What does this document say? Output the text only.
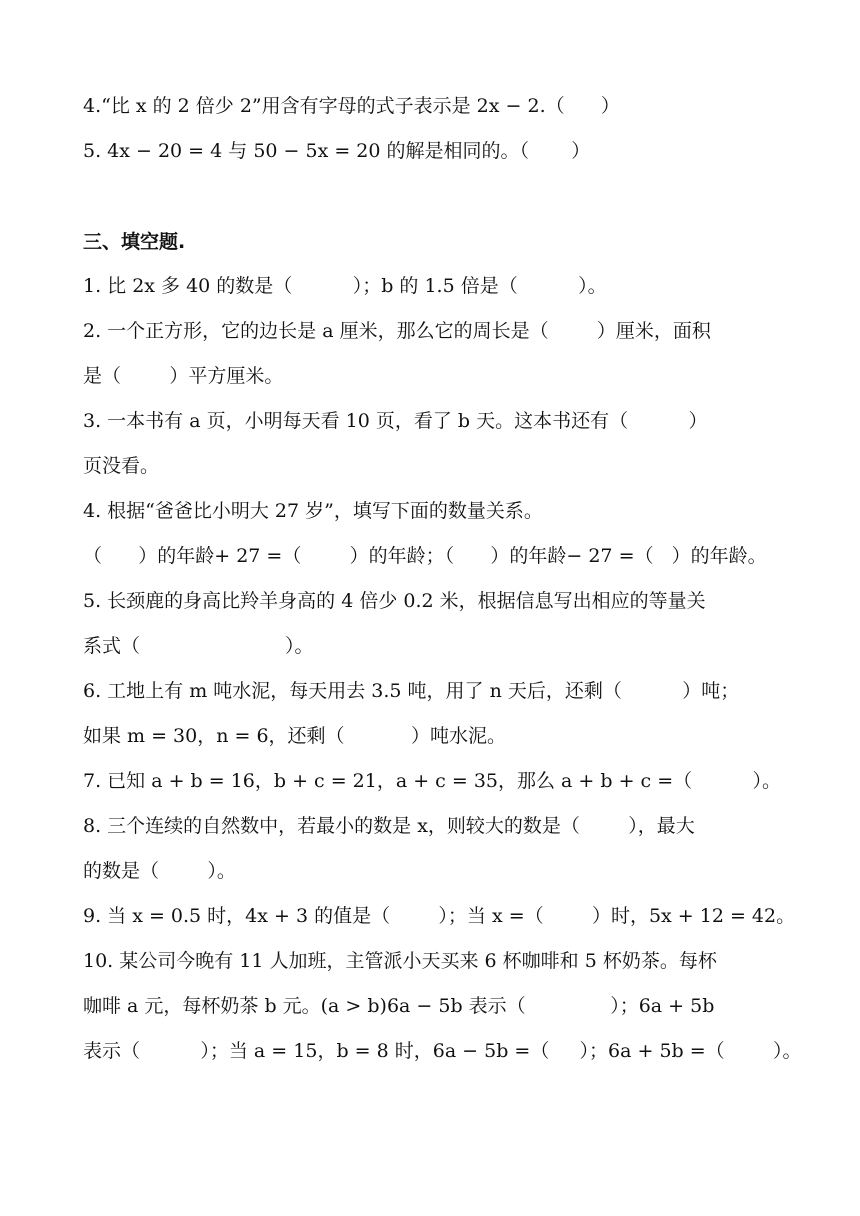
4.“比 x 的 2 倍少 2”用含有字母的式子表示是 2x − 2.（      ）
5. 4x − 20 = 4 与 50 − 5x = 20 的解是相同的。（       ）
三、填空题.
1. 比 2x 多 40 的数是（          ）；b 的 1.5 倍是（          ）。
2. 一个正方形，它的边长是 a 厘米，那么它的周长是（        ）厘米，面积
是（        ）平方厘米。
3. 一本书有 a 页，小明每天看 10 页，看了 b 天。这本书还有（          ）
页没看。
4. 根据“爸爸比小明大 27 岁”，填写下面的数量关系。
（      ）的年龄+ 27 =（        ）的年龄；（      ）的年龄− 27 =（   ）的年龄。
5. 长颈鹿的身高比羚羊身高的 4 倍少 0.2 米，根据信息写出相应的等量关
系式（                        ）。
6. 工地上有 m 吨水泥，每天用去 3.5 吨，用了 n 天后，还剩（          ）吨；
如果 m = 30，n = 6，还剩（           ）吨水泥。
7. 已知 a + b = 16，b + c = 21，a + c = 35，那么 a + b + c =（          ）。
8. 三个连续的自然数中，若最小的数是 x，则较大的数是（        ），最大
的数是（        ）。
9. 当 x = 0.5 时，4x + 3 的值是（        ）；当 x =（        ）时，5x + 12 = 42。
10. 某公司今晚有 11 人加班，主管派小天买来 6 杯咖啡和 5 杯奶茶。每杯
咖啡 a 元，每杯奶茶 b 元。(a > b)6a − 5b 表示（              ）；6a + 5b
表示（          ）；当 a = 15，b = 8 时，6a − 5b =（     ）；6a + 5b =（        ）。
